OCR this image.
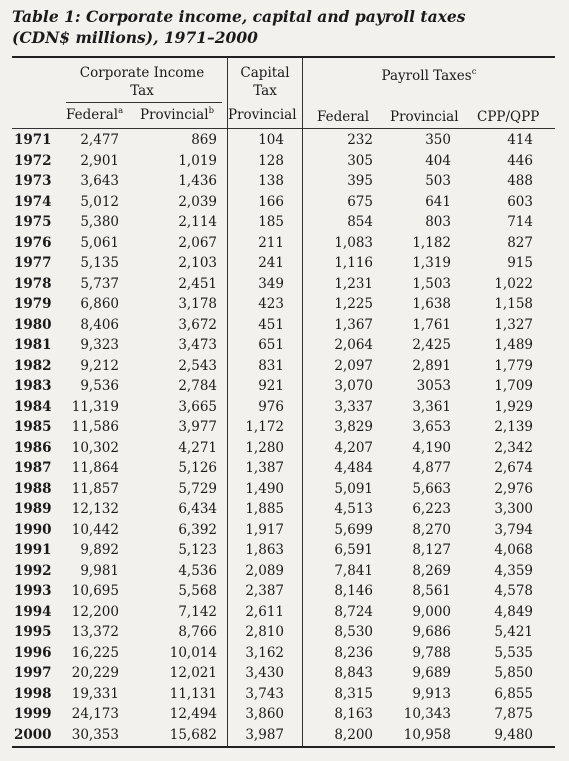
Table 1: Corporate income, capital and payroll taxes
(CDN$ millions), 1971–2000
Corporate Income
Tax
Capital
Tax
Payroll Taxes$^c$
Federal$^a$ Provincial$^b$ Provincial Federal Provincial CPP/QPP
1971 2,477	869	104	232	350	414
1972 2,901	1,019	128	305	404	446
1973 3,643	1,436	138	395	503	488
1974 5,012	2,039	166	675	641	603
1975 5,380	2,114	185	854	803	714
1976 5,061	2,067	211	1,083	1,182	827
1977 5,135	2,103	241	1,116	1,319	915
1978 5,737	2,451	349	1,231	1,503	1,022
1979 6,860	3,178	423	1,225	1,638	1,158
1980 8,406	3,672	451	1,367	1,761	1,327
1981 9,323	3,473	651	2,064	2,425	1,489
1982 9,212	2,543	831	2,097	2,891	1,779
1983 9,536	2,784	921	3,070	3053	1,709
1984 11,319	3,665	976	3,337	3,361	1,929
1985 11,586	3,977 1,172	3,829	3,653	2,139
1986 10,302	4,271 1,280	4,207	4,190	2,342
1987 11,864	5,126 1,387	4,484	4,877	2,674
1988 11,857	5,729 1,490	5,091	5,663	2,976
1989 12,132	6,434 1,885	4,513	6,223	3,300
1990 10,442	6,392 1,917	5,699	8,270	3,794
1991 9,892	5,123 1,863	6,591	8,127	4,068
1992 9,981	4,536 2,089	7,841	8,269	4,359
1993 10,695	5,568 2,387	8,146	8,561	4,578
1994 12,200	7,142 2,611	8,724	9,000	4,849
1995 13,372	8,766 2,810	8,530	9,686	5,421
1996 16,225	10,014 3,162	8,236	9,788	5,535
1997 20,229	12,021 3,430	8,843	9,689	5,850
1998 19,331	11,131 3,743	8,315	9,913	6,855
1999 24,173	12,494 3,860	8,163 10,343	7,875
2000 30,353	15,682 3,987	8,200 10,958	9,480
